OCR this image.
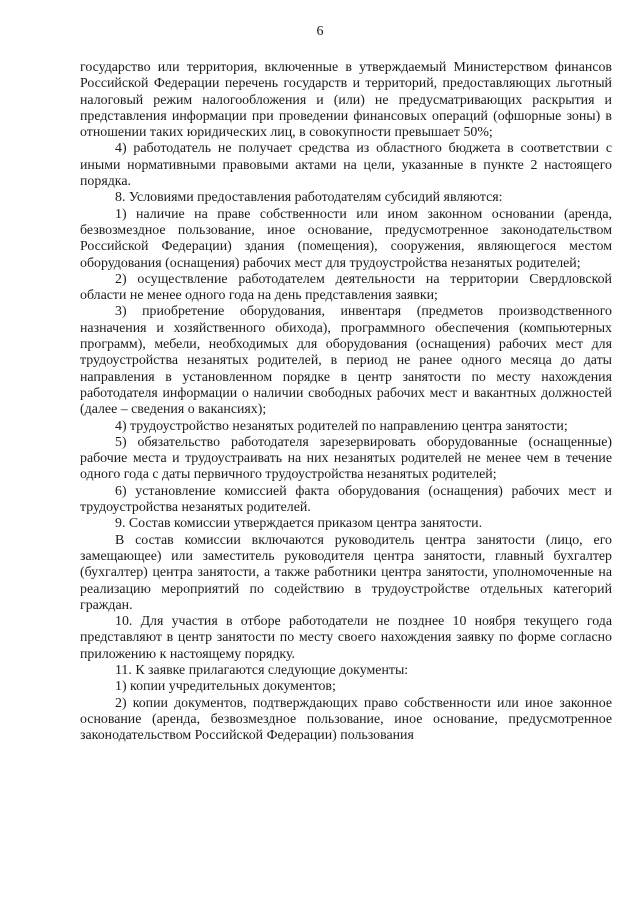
6

государство или территория, включенные в утверждаемый Министерством финансов Российской Федерации перечень государств и территорий, предоставляющих льготный налоговый режим налогообложения и (или) не предусматривающих раскрытия и представления информации при проведении финансовых операций (офшорные зоны) в отношении таких юридических лиц, в совокупности превышает 50%;

4) работодатель не получает средства из областного бюджета в соответствии с иными нормативными правовыми актами на цели, указанные в пункте 2 настоящего порядка.

8. Условиями предоставления работодателям субсидий являются:

1) наличие на праве собственности или ином законном основании (аренда, безвозмездное пользование, иное основание, предусмотренное законодательством Российской Федерации) здания (помещения), сооружения, являющегося местом оборудования (оснащения) рабочих мест для трудоустройства незанятых родителей;

2) осуществление работодателем деятельности на территории Свердловской области не менее одного года на день представления заявки;

3) приобретение оборудования, инвентаря (предметов производственного назначения и хозяйственного обихода), программного обеспечения (компьютерных программ), мебели, необходимых для оборудования (оснащения) рабочих мест для трудоустройства незанятых родителей, в период не ранее одного месяца до даты направления в установленном порядке в центр занятости по месту нахождения работодателя информации о наличии свободных рабочих мест и вакантных должностей (далее – сведения о вакансиях);

4) трудоустройство незанятых родителей по направлению центра занятости;

5) обязательство работодателя зарезервировать оборудованные (оснащенные) рабочие места и трудоустраивать на них незанятых родителей не менее чем в течение одного года с даты первичного трудоустройства незанятых родителей;

6) установление комиссией факта оборудования (оснащения) рабочих мест и трудоустройства незанятых родителей.

9. Состав комиссии утверждается приказом центра занятости.

В состав комиссии включаются руководитель центра занятости (лицо, его замещающее) или заместитель руководителя центра занятости, главный бухгалтер (бухгалтер) центра занятости, а также работники центра занятости, уполномоченные на реализацию мероприятий по содействию в трудоустройстве отдельных категорий граждан.

10. Для участия в отборе работодатели не позднее 10 ноября текущего года представляют в центр занятости по месту своего нахождения заявку по форме согласно приложению к настоящему порядку.

11. К заявке прилагаются следующие документы:

1) копии учредительных документов;

2) копии документов, подтверждающих право собственности или иное законное основание (аренда, безвозмездное пользование, иное основание, предусмотренное законодательством Российской Федерации) пользования
